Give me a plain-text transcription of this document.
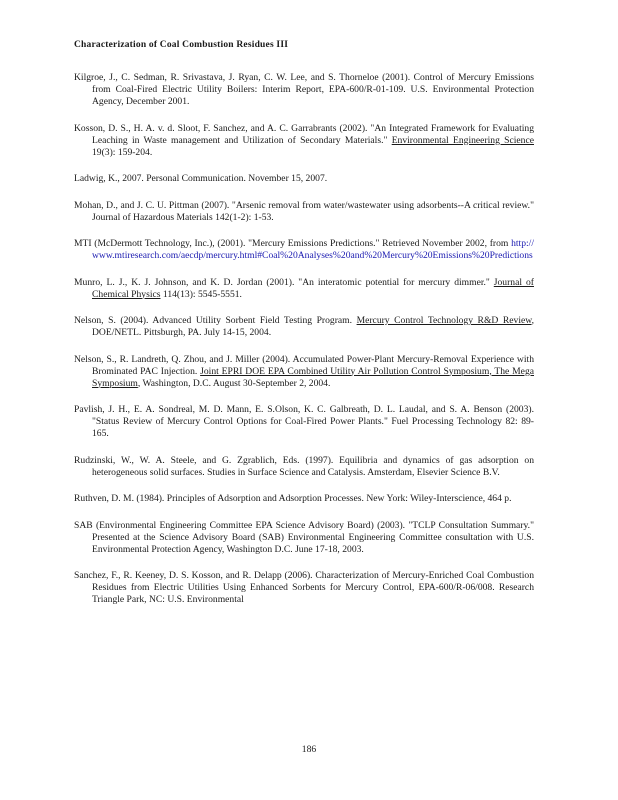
Characterization of Coal Combustion Residues III

Kilgroe, J., C. Sedman, R. Srivastava, J. Ryan, C. W. Lee, and S. Thorneloe (2001). Control of Mercury Emissions from Coal-Fired Electric Utility Boilers: Interim Report, EPA-600/R-01-109. U.S. Environmental Protection Agency, December 2001.

Kosson, D. S., H. A. v. d. Sloot, F. Sanchez, and A. C. Garrabrants (2002). "An Integrated Framework for Evaluating Leaching in Waste management and Utilization of Secondary Materials." Environmental Engineering Science 19(3): 159-204.

Ladwig, K., 2007. Personal Communication. November 15, 2007.

Mohan, D., and J. C. U. Pittman (2007). "Arsenic removal from water/wastewater using adsorbents--A critical review." Journal of Hazardous Materials 142(1-2): 1-53.

MTI (McDermott Technology, Inc.), (2001). "Mercury Emissions Predictions." Retrieved November 2002, from http://www.mtiresearch.com/aecdp/mercury.html#Coal%20Analyses%20and%20Mercury%20Emissions%20Predictions

Munro, L. J., K. J. Johnson, and K. D. Jordan (2001). "An interatomic potential for mercury dimmer." Journal of Chemical Physics 114(13): 5545-5551.

Nelson, S. (2004). Advanced Utility Sorbent Field Testing Program. Mercury Control Technology R&D Review, DOE/NETL. Pittsburgh, PA. July 14-15, 2004.

Nelson, S., R. Landreth, Q. Zhou, and J. Miller (2004). Accumulated Power-Plant Mercury-Removal Experience with Brominated PAC Injection. Joint EPRI DOE EPA Combined Utility Air Pollution Control Symposium, The Mega Symposium, Washington, D.C. August 30-September 2, 2004.

Pavlish, J. H., E. A. Sondreal, M. D. Mann, E. S.Olson, K. C. Galbreath, D. L. Laudal, and S. A. Benson (2003). "Status Review of Mercury Control Options for Coal-Fired Power Plants." Fuel Processing Technology 82: 89-165.

Rudzinski, W., W. A. Steele, and G. Zgrablich, Eds. (1997). Equilibria and dynamics of gas adsorption on heterogeneous solid surfaces. Studies in Surface Science and Catalysis. Amsterdam, Elsevier Science B.V.

Ruthven, D. M. (1984). Principles of Adsorption and Adsorption Processes. New York: Wiley-Interscience, 464 p.

SAB (Environmental Engineering Committee EPA Science Advisory Board) (2003). "TCLP Consultation Summary." Presented at the Science Advisory Board (SAB) Environmental Engineering Committee consultation with U.S. Environmental Protection Agency, Washington D.C. June 17-18, 2003.

Sanchez, F., R. Keeney, D. S. Kosson, and R. Delapp (2006). Characterization of Mercury-Enriched Coal Combustion Residues from Electric Utilities Using Enhanced Sorbents for Mercury Control, EPA-600/R-06/008. Research Triangle Park, NC: U.S. Environmental

186
